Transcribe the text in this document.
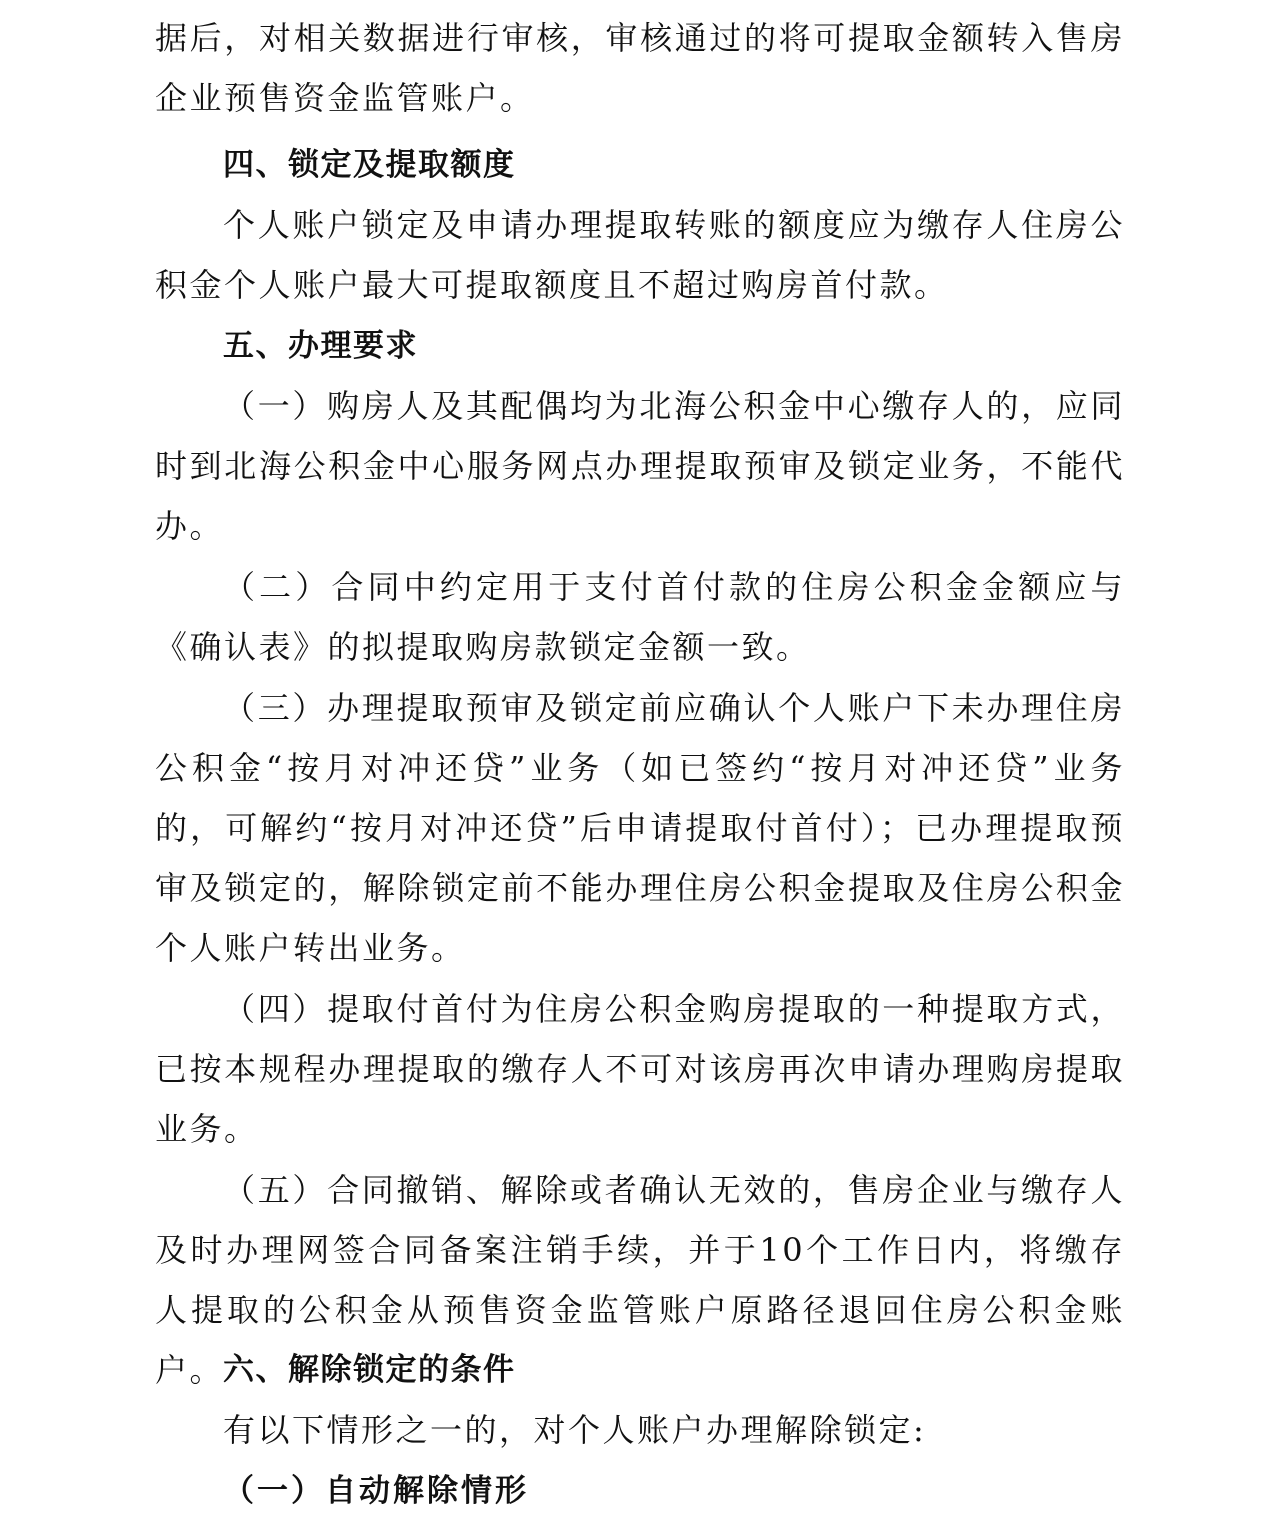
据后，对相关数据进行审核，审核通过的将可提取金额转入售房企业预售资金监管账户。

四、锁定及提取额度

个人账户锁定及申请办理提取转账的额度应为缴存人住房公积金个人账户最大可提取额度且不超过购房首付款。

五、办理要求

（一）购房人及其配偶均为北海公积金中心缴存人的，应同时到北海公积金中心服务网点办理提取预审及锁定业务，不能代办。

（二）合同中约定用于支付首付款的住房公积金金额应与《确认表》的拟提取购房款锁定金额一致。

（三）办理提取预审及锁定前应确认个人账户下未办理住房公积金“按月对冲还贷”业务（如已签约“按月对冲还贷”业务的，可解约“按月对冲还贷”后申请提取付首付）；已办理提取预审及锁定的，解除锁定前不能办理住房公积金提取及住房公积金个人账户转出业务。

（四）提取付首付为住房公积金购房提取的一种提取方式，已按本规程办理提取的缴存人不可对该房再次申请办理购房提取业务。

（五）合同撤销、解除或者确认无效的，售房企业与缴存人及时办理网签合同备案注销手续，并于10个工作日内，将缴存人提取的公积金从预售资金监管账户原路径退回住房公积金账户。

六、解除锁定的条件

有以下情形之一的，对个人账户办理解除锁定:

（一）自动解除情形
